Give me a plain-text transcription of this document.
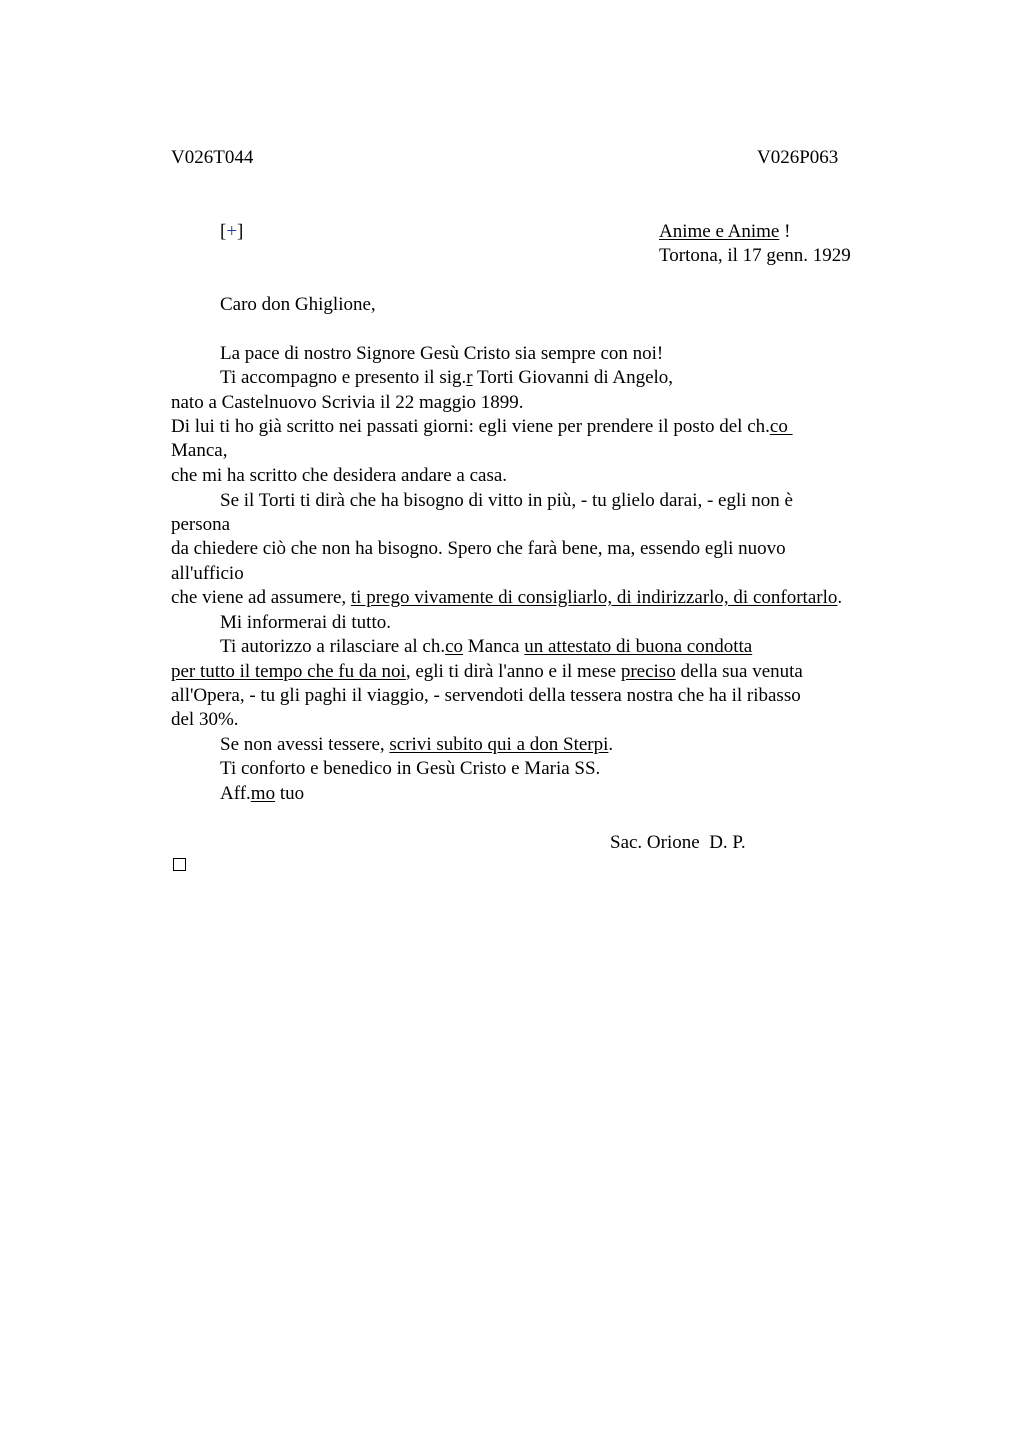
V026T044	V026P063
[+]	Anime e Anime !
Tortona, il 17 genn. 1929
Caro don Ghiglione,
La pace di nostro Signore Gesù Cristo sia sempre con noi!
Ti accompagno e presento il sig.r Torti Giovanni di Angelo,
nato a Castelnuovo Scrivia il 22 maggio 1899.
Di lui ti ho già scritto nei passati giorni: egli viene per prendere il posto del ch.co
Manca,
che mi ha scritto che desidera andare a casa.
Se il Torti ti dirà che ha bisogno di vitto in più, - tu glielo darai, - egli non è
persona
da chiedere ciò che non ha bisogno. Spero che farà bene, ma, essendo egli nuovo
all'ufficio
che viene ad assumere, ti prego vivamente di consigliarlo, di indirizzarlo, di confortarlo.
Mi informerai di tutto.
Ti autorizzo a rilasciare al ch.co Manca un attestato di buona condotta
per tutto il tempo che fu da noi, egli ti dirà l'anno e il mese preciso della sua venuta
all'Opera, - tu gli paghi il viaggio, - servendoti della tessera nostra che ha il ribasso
del 30%.
Se non avessi tessere, scrivi subito qui a don Sterpi.
Ti conforto e benedico in Gesù Cristo e Maria SS.
Aff.mo tuo
Sac. Orione  D. P.
